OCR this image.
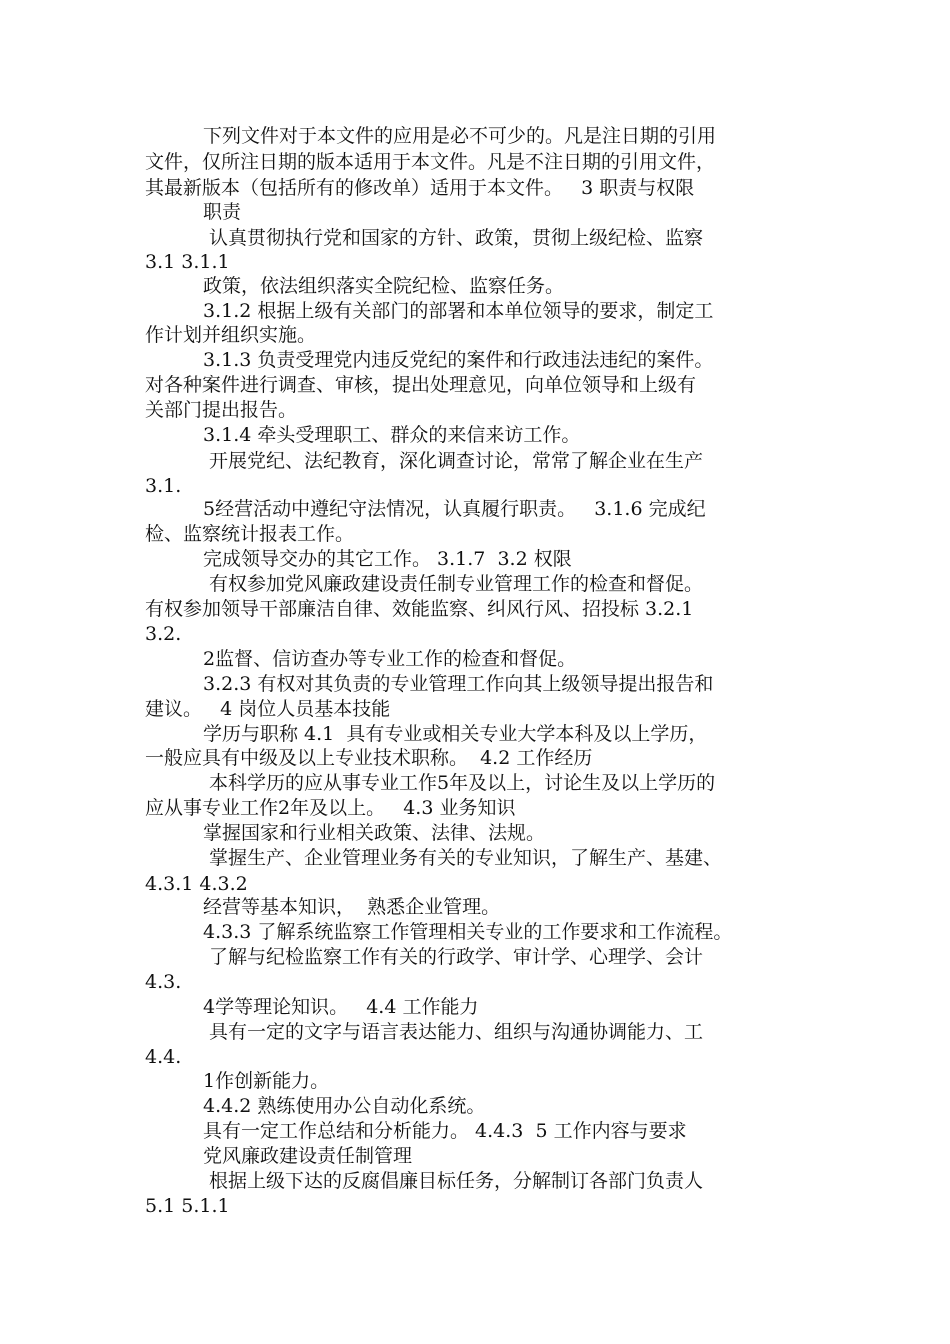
下列文件对于本文件的应用是必不可少的。凡是注日期的引用
文件，仅所注日期的版本适用于本文件。凡是不注日期的引用文件，
其最新版本（包括所有的修改单）适用于本文件。   3 职责与权限
职责
认真贯彻执行党和国家的方针、政策，贯彻上级纪检、监察
3.1 3.1.1
政策，依法组织落实全院纪检、监察任务。
3.1.2 根据上级有关部门的部署和本单位领导的要求，制定工
作计划并组织实施。
3.1.3 负责受理党内违反党纪的案件和行政违法违纪的案件。
对各种案件进行调查、审核，提出处理意见，向单位领导和上级有
关部门提出报告。
3.1.4 牵头受理职工、群众的来信来访工作。
开展党纪、法纪教育，深化调查讨论，常常了解企业在生产
3.1.
5经营活动中遵纪守法情况，认真履行职责。   3.1.6 完成纪
检、监察统计报表工作。
完成领导交办的其它工作。 3.1.7  3.2 权限
有权参加党风廉政建设责任制专业管理工作的检查和督促。
有权参加领导干部廉洁自律、效能监察、纠风行风、招投标 3.2.1
3.2.
2监督、信访查办等专业工作的检查和督促。
3.2.3 有权对其负责的专业管理工作向其上级领导提出报告和
建议。   4 岗位人员基本技能
学历与职称 4.1  具有专业或相关专业大学本科及以上学历，
一般应具有中级及以上专业技术职称。  4.2 工作经历
本科学历的应从事专业工作5年及以上，讨论生及以上学历的
应从事专业工作2年及以上。   4.3 业务知识
掌握国家和行业相关政策、法律、法规。
掌握生产、企业管理业务有关的专业知识，了解生产、基建、
4.3.1 4.3.2
经营等基本知识，  熟悉企业管理。
4.3.3 了解系统监察工作管理相关专业的工作要求和工作流程。
了解与纪检监察工作有关的行政学、审计学、心理学、会计
4.3.
4学等理论知识。   4.4 工作能力
具有一定的文字与语言表达能力、组织与沟通协调能力、工
4.4.
1作创新能力。
4.4.2 熟练使用办公自动化系统。
具有一定工作总结和分析能力。 4.4.3  5 工作内容与要求
党风廉政建设责任制管理
根据上级下达的反腐倡廉目标任务，分解制订各部门负责人
5.1 5.1.1
